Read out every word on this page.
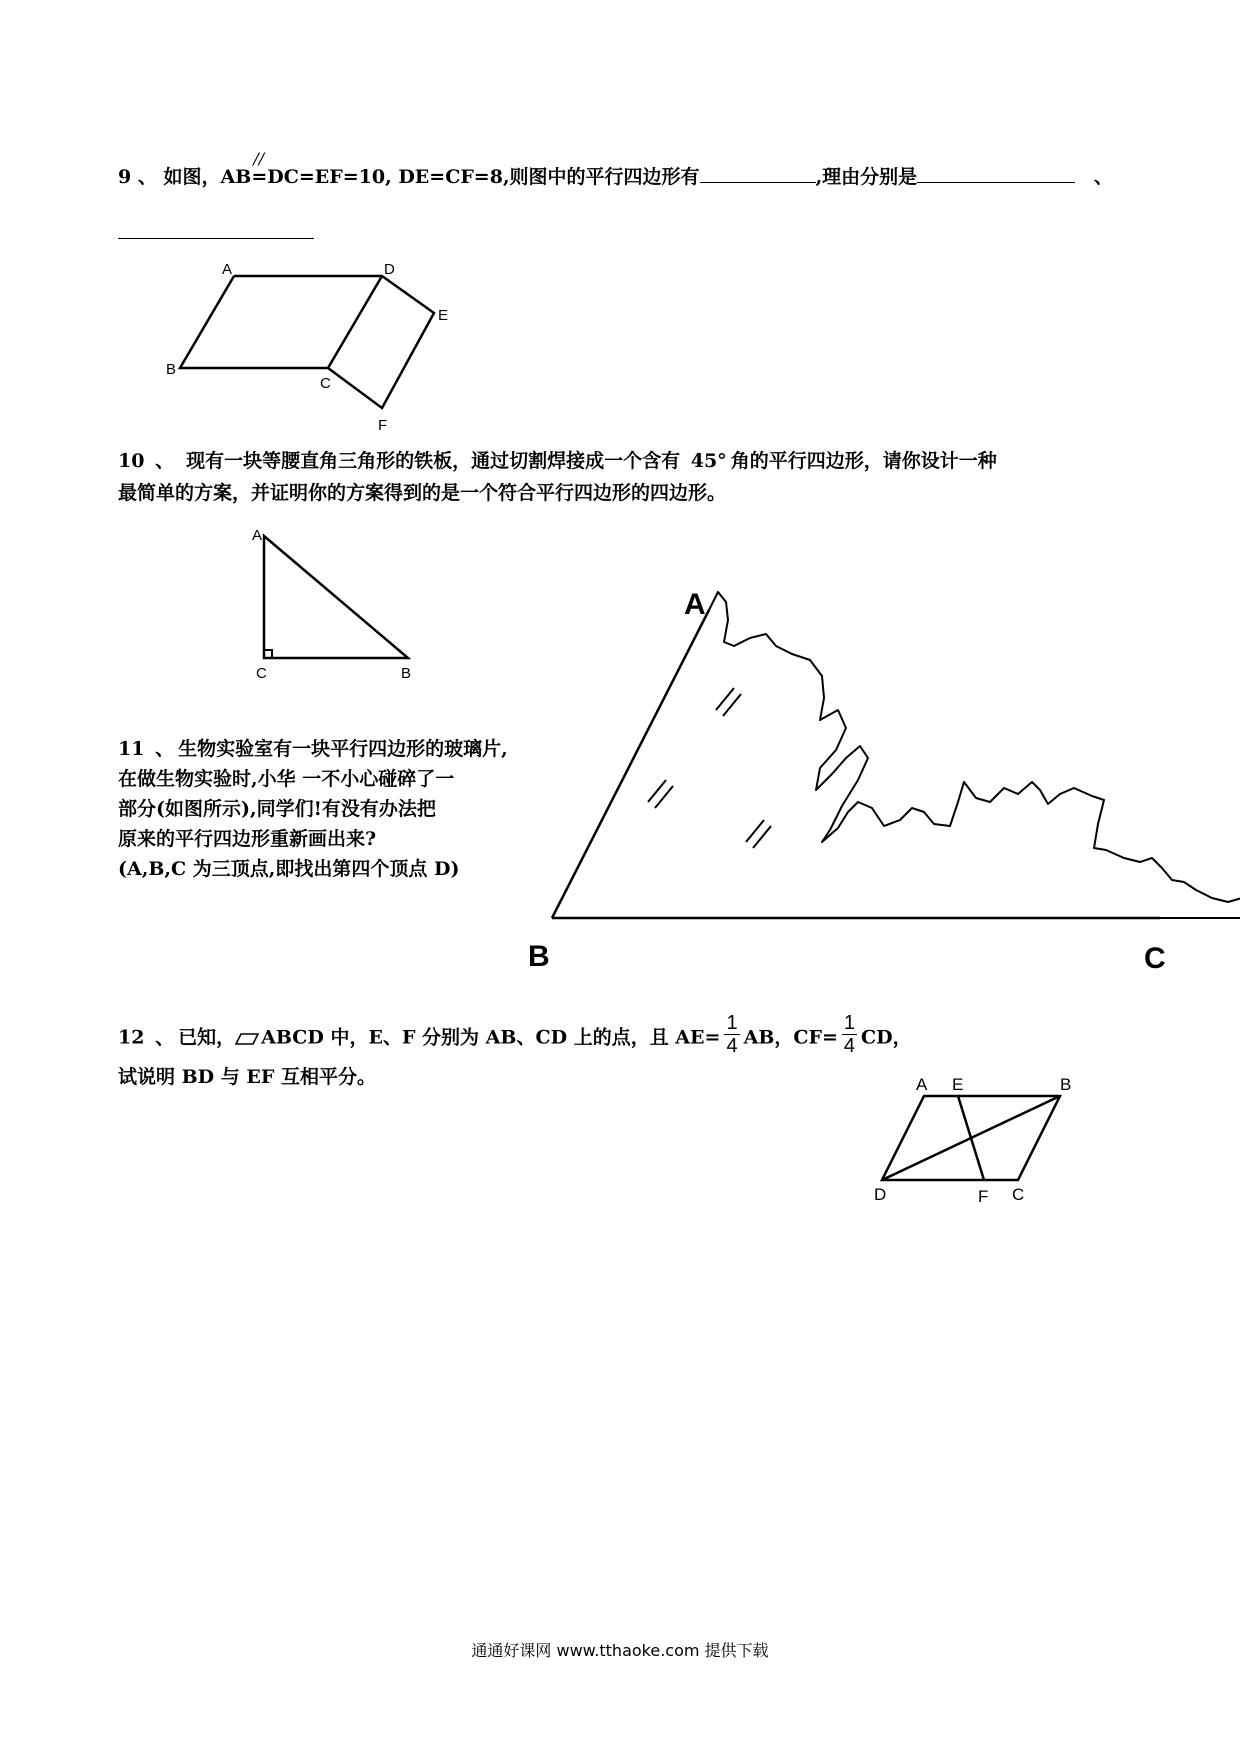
9 、 如图，AB
//
=DC=EF=10, DE=CF=8,则图中的平行四边形有	,理由分别是	、
A	D
E
B
C
F
10 、 现有一块等腰直角三角形的铁板，通过切割焊接成一个含有 45° 角的平行四边形，请你设计一种
最简单的方案，并证明你的方案得到的是一个符合平行四边形的四边形。
A
C	B
11 、 生物实验室有一块平行四边形的玻璃片,
在做生物实验时,小华 一不小心碰碎了一
部分(如图所示),同学们!有没有办法把
原来的平行四边形重新画出来?
(A,B,C 为三顶点,即找出第四个顶点 D)
A
B	C
12 、 已知， ABCD 中，E、F 分别为 AB、CD 上的点，且 $AE= \frac{1}{4}$ AB，$CF= \frac{1}{4}$ CD，
试说明 BD 与 EF 互相平分。	A E	B
D	F C
通通好课网 www.tthaoke.com 提供下载
